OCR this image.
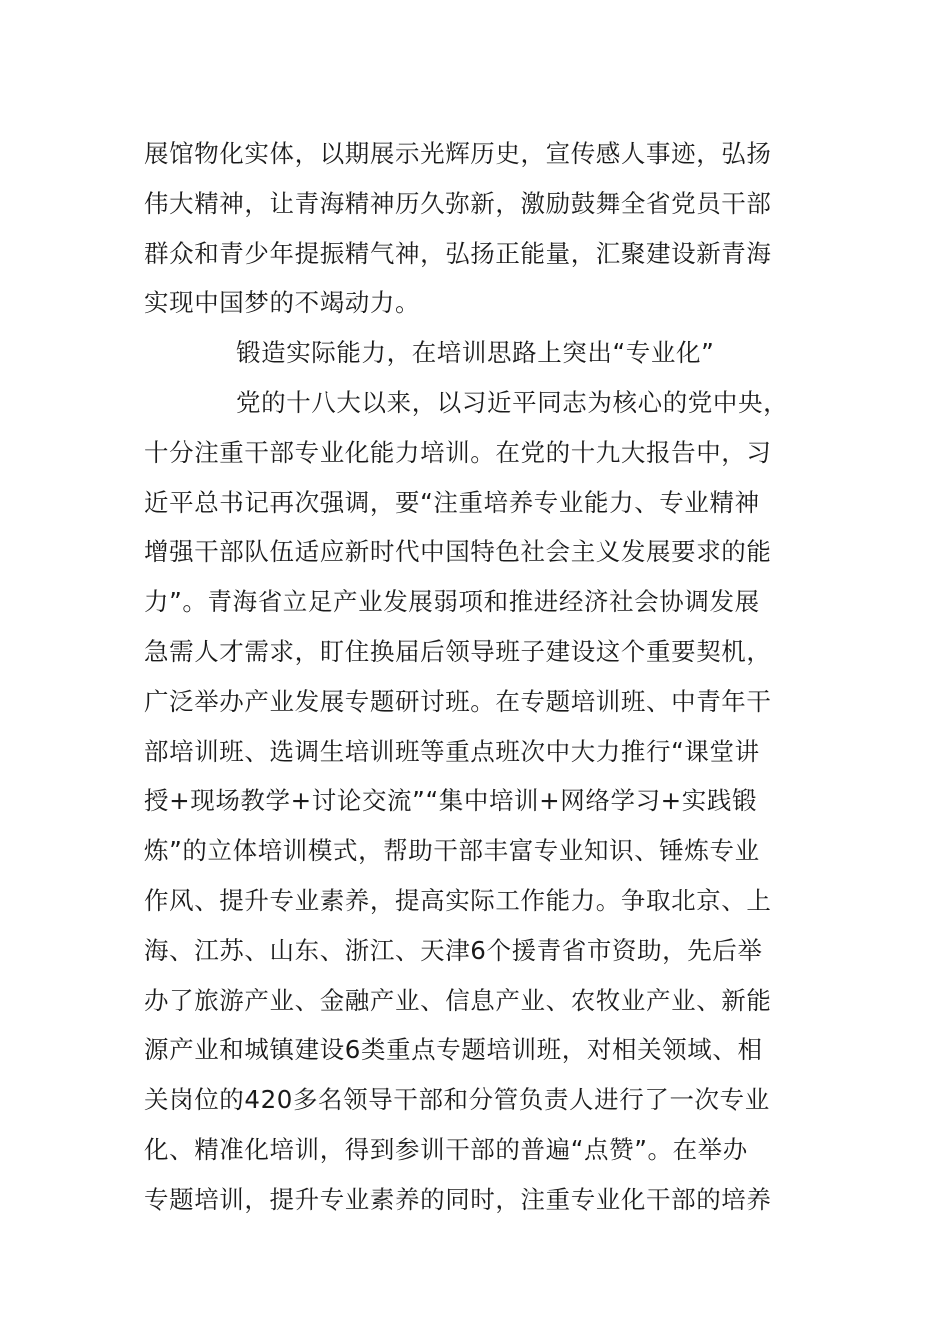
展馆物化实体，以期展示光辉历史，宣传感人事迹，弘扬

伟大精神，让青海精神历久弥新，激励鼓舞全省党员干部

群众和青少年提振精气神，弘扬正能量，汇聚建设新青海

实现中国梦的不竭动力。

锻造实际能力，在培训思路上突出“专业化”

党的十八大以来，以习近平同志为核心的党中央，

十分注重干部专业化能力培训。在党的十九大报告中，习

近平总书记再次强调，要“注重培养专业能力、专业精神

增强干部队伍适应新时代中国特色社会主义发展要求的能

力”。青海省立足产业发展弱项和推进经济社会协调发展

急需人才需求，盯住换届后领导班子建设这个重要契机，

广泛举办产业发展专题研讨班。在专题培训班、中青年干

部培训班、选调生培训班等重点班次中大力推行“课堂讲

授+现场教学+讨论交流”“集中培训+网络学习+实践锻

炼”的立体培训模式，帮助干部丰富专业知识、锤炼专业

作风、提升专业素养，提高实际工作能力。争取北京、上

海、江苏、山东、浙江、天津6个援青省市资助，先后举

办了旅游产业、金融产业、信息产业、农牧业产业、新能

源产业和城镇建设6类重点专题培训班，对相关领域、相

关岗位的420多名领导干部和分管负责人进行了一次专业

化、精准化培训，得到参训干部的普遍“点赞”。在举办

专题培训，提升专业素养的同时，注重专业化干部的培养
